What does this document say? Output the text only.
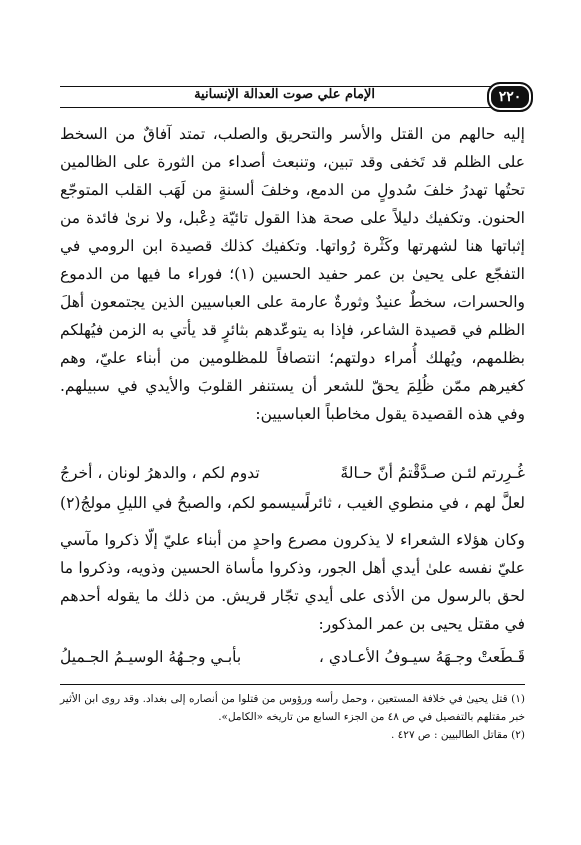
٢٢٠
الإمام علي صوت العدالة الإنسانية

إليه حالهم من القتل والأسر والتحريق والصلب، تمتد آفاقٌ من السخط على الظلم قد تَخفى وقد تبين، وتنبعث أصداء من الثورة على الظالمين تحتُها تهدرُ خلفَ سُدولٍ من الدمع، وخلفَ ألسنةٍ من لَهَب القلب المتوجّع الحنون. وتكفيك دليلاً على صحة هذا القول تائيّة دِعْبل، ولا نرىٰ فائدة من إثباتها هنا لشهرتها وكَثْرة رُواتها. وتكفيك كذلك قصيدة ابن الرومي في التفجّع على يحيىٰ بن عمر حفيد الحسين (١)؛ فوراء ما فيها من الدموع والحسرات، سخطٌ عنيدٌ وثورةٌ عارمة على العباسيين الذين يجتمعون أهلَ الظلم في قصيدة الشاعر، فإذا به يتوعّدهم بثائرٍ قد يأتي به الزمن فيُهلكم بظلمهم، ويُهلك أُمراء دولتهم؛ انتصافاً للمظلومين من أبناء عليّ، وهم كغيرهم ممّن ظُلِمَ يحقّ للشعر أن يستنفر القلوبَ والأيدي في سبيلهم. وفي هذه القصيدة يقول مخاطباً العباسيين:

غُـرِرتم لئـن صـدَّقْتمُ أنّ حـالةً
تدوم لكم ، والدهرُ لونان ، أخرجُ
لعلَّ لهم ، في منطوي الغيب ، ثائراً
سيسمو لكم، والصبحُ في الليلِ مولجُ(٢)

وكان هؤلاء الشعراء لا يذكرون مصرع واحدٍ من أبناء عليّ إلّا ذكروا مآسي عليّ نفسه علىٰ أيدي أهل الجور، وذكروا مأساة الحسين وذويه، وذكروا ما لحق بالرسول من الأذى على أيدي تجّار قريش. من ذلك ما يقوله أحدهم في مقتل يحيى بن عمر المذكور:

قَـطَعتْ وجـهَهُ سيـوفُ الأعـادي ،
بأبـي وجـهُهُ الوسيـمُ الجـميلُ

(١) قتل يحيىٰ في خلافة المستعين ، وحمل رأسه ورؤوس من قتلوا من أنصاره إلى بغداد. وقد روى ابن الأثير خبر مقتلهم بالتفصيل في ص ٤٨ من الجزء السابع من تاريخه «الكامل».

(٢) مقاتل الطالبيين : ص ٤٢٧ .
